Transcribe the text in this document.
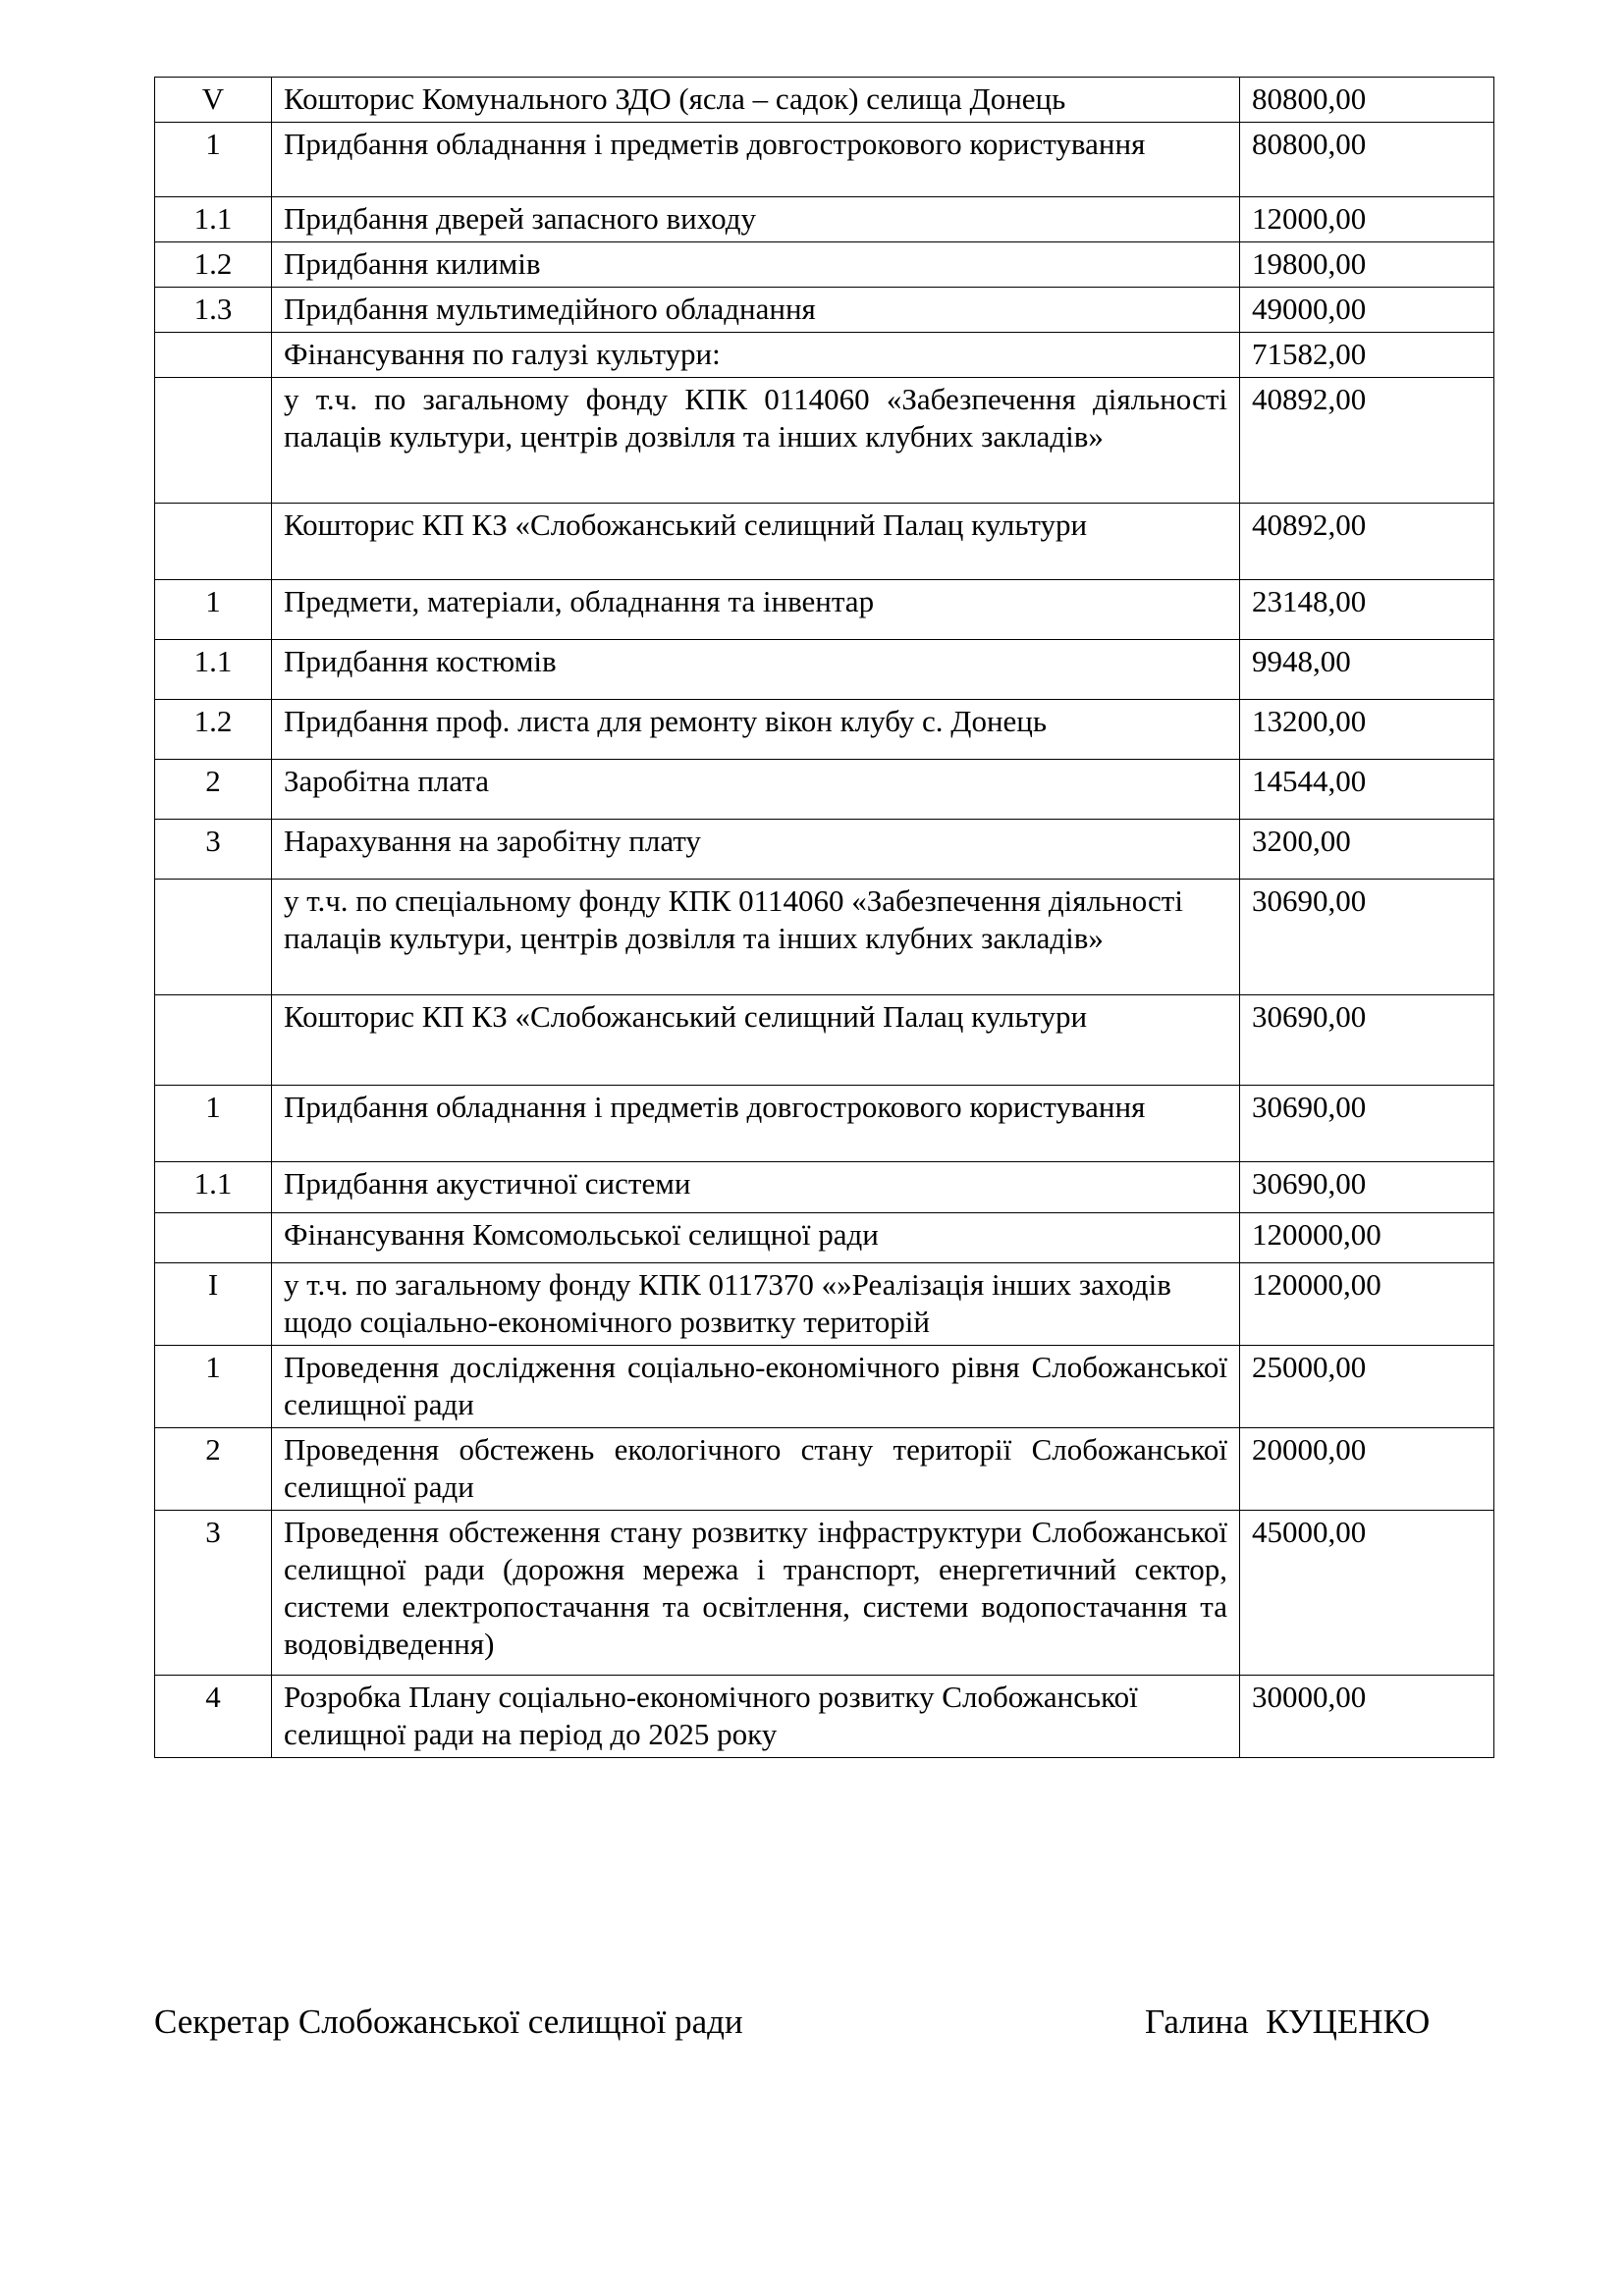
V	Кошторис Комунального ЗДО (ясла – садок) селища Донець	80800,00
1	Придбання обладнання і предметів довгострокового користування	80800,00
1.1	Придбання дверей запасного виходу	12000,00
1.2	Придбання килимів	19800,00
1.3	Придбання мультимедійного обладнання	49000,00
	Фінансування по галузі культури:	71582,00
	у т.ч. по загальному фонду КПК 0114060 «Забезпечення діяльності палаців культури, центрів дозвілля та інших клубних закладів»	40892,00
	Кошторис КП КЗ «Слобожанський селищний Палац культури	40892,00
1	Предмети, матеріали, обладнання та інвентар	23148,00
1.1	Придбання костюмів	9948,00
1.2	Придбання проф. листа для ремонту вікон клубу с. Донець	13200,00
2	Заробітна плата	14544,00
3	Нарахування на заробітну плату	3200,00
	у т.ч. по спеціальному фонду КПК 0114060 «Забезпечення діяльності палаців культури, центрів дозвілля та інших клубних закладів»	30690,00
	Кошторис КП КЗ «Слобожанський селищний Палац культури	30690,00
1	Придбання обладнання і предметів довгострокового користування	30690,00
1.1	Придбання акустичної системи	30690,00
	Фінансування Комсомольської селищної ради	120000,00
І	у т.ч. по загальному фонду КПК 0117370 «»Реалізація інших заходів щодо соціально-економічного розвитку територій	120000,00
1	Проведення дослідження соціально-економічного рівня Слобожанської селищної ради	25000,00
2	Проведення обстежень екологічного стану території Слобожанської селищної ради	20000,00
3	Проведення обстеження стану розвитку інфраструктури Слобожанської селищної ради (дорожня мережа і транспорт, енергетичний сектор, системи електропостачання та освітлення, системи водопостачання та водовідведення)	45000,00
4	Розробка Плану соціально-економічного розвитку Слобожанської селищної ради на період до 2025 року	30000,00
Секретар Слобожанської селищної ради	Галина  КУЦЕНКО
